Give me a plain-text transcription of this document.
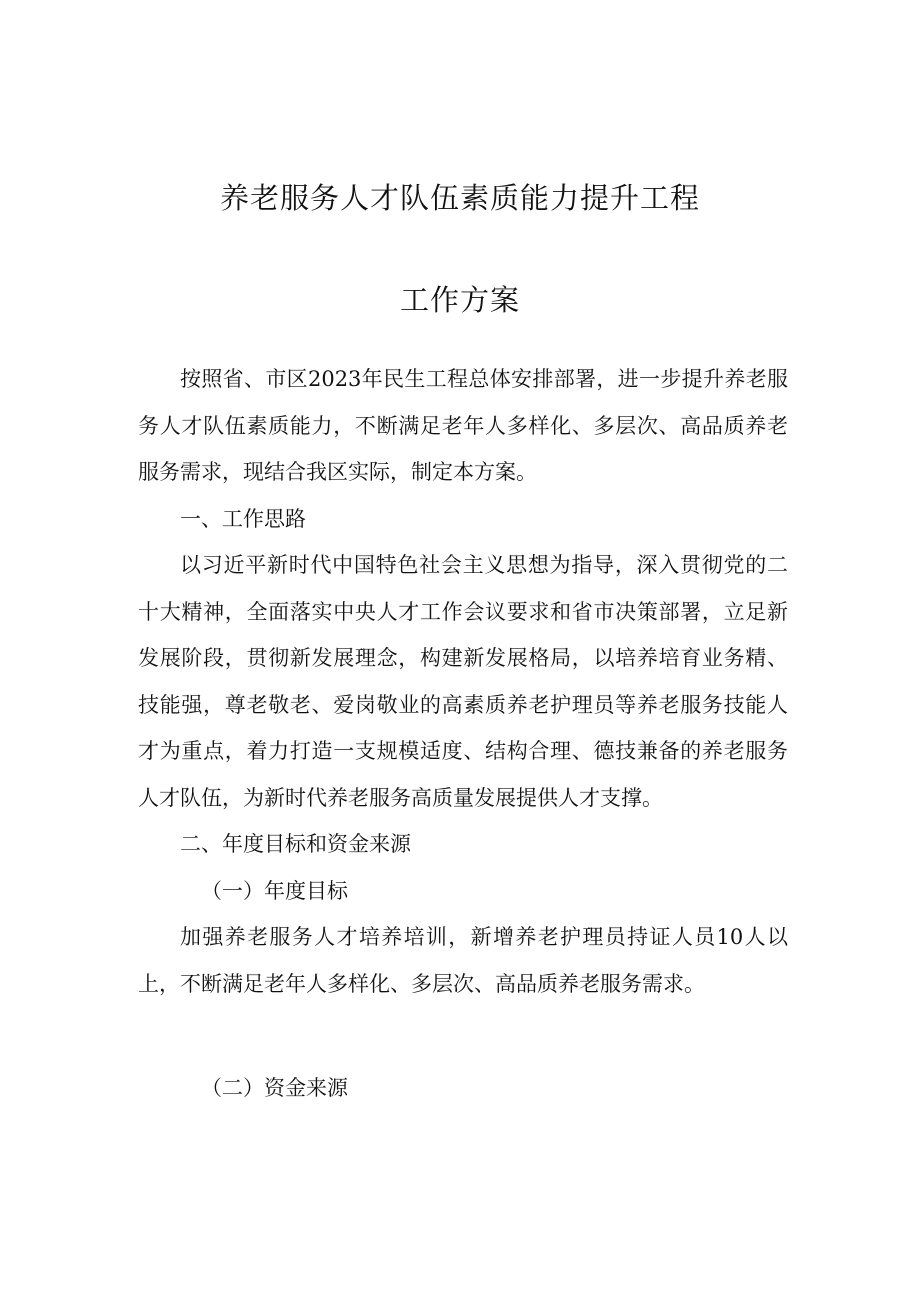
养老服务人才队伍素质能力提升工程
工作方案

按照省、市区2023年民生工程总体安排部署，进一步提升养老服务人才队伍素质能力，不断满足老年人多样化、多层次、高品质养老服务需求，现结合我区实际，制定本方案。

一、工作思路

以习近平新时代中国特色社会主义思想为指导，深入贯彻党的二十大精神，全面落实中央人才工作会议要求和省市决策部署，立足新发展阶段，贯彻新发展理念，构建新发展格局，以培养培育业务精、技能强，尊老敬老、爱岗敬业的高素质养老护理员等养老服务技能人才为重点，着力打造一支规模适度、结构合理、德技兼备的养老服务人才队伍，为新时代养老服务高质量发展提供人才支撑。

二、年度目标和资金来源

（一）年度目标

加强养老服务人才培养培训，新增养老护理员持证人员10人以上，不断满足老年人多样化、多层次、高品质养老服务需求。

（二）资金来源
